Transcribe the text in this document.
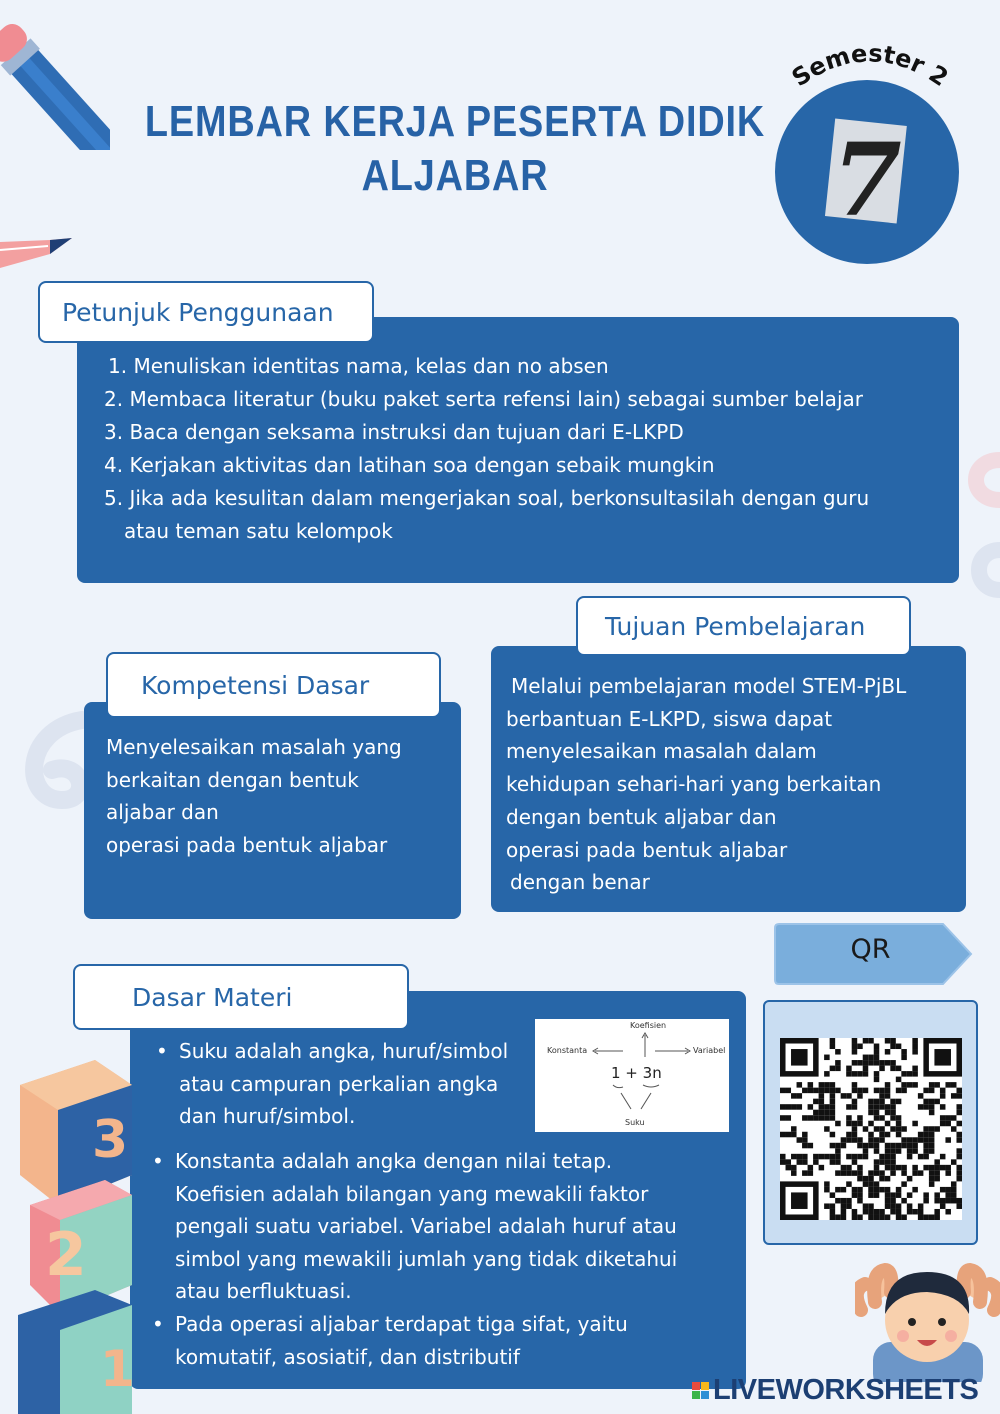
LEMBAR KERJA PESERTA DIDIK
ALJABAR
Semester 2
7
Petunjuk Penggunaan
1. Menuliskan identitas nama, kelas dan no absen
2. Membaca literatur (buku paket serta refensi lain) sebagai sumber belajar
3. Baca dengan seksama instruksi dan tujuan dari E-LKPD
4. Kerjakan aktivitas dan latihan soa dengan sebaik mungkin
5. Jika ada kesulitan dalam mengerjakan soal, berkonsultasilah dengan guru
atau teman satu kelompok
Tujuan Pembelajaran
Melalui pembelajaran model STEM-PjBL
berbantuan E-LKPD, siswa dapat
menyelesaikan masalah dalam
kehidupan sehari-hari yang berkaitan
dengan bentuk aljabar dan
operasi pada bentuk aljabar
dengan benar
Kompetensi Dasar
Menyelesaikan masalah yang
berkaitan dengan bentuk
aljabar dan
operasi pada bentuk aljabar
QR
Dasar Materi
• Suku adalah angka, huruf/simbol
atau campuran perkalian angka
dan huruf/simbol.
Koefisien
Konstanta	Variabel
1 + 3n
Suku
• Konstanta adalah angka dengan nilai tetap.
Koefisien adalah bilangan yang mewakili faktor
pengali suatu variabel. Variabel adalah huruf atau
simbol yang mewakili jumlah yang tidak diketahui
atau berfluktuasi.
• Pada operasi aljabar terdapat tiga sifat, yaitu
komutatif, asosiatif, dan distributif
3
2
1	LIVEWORKSHEETS
